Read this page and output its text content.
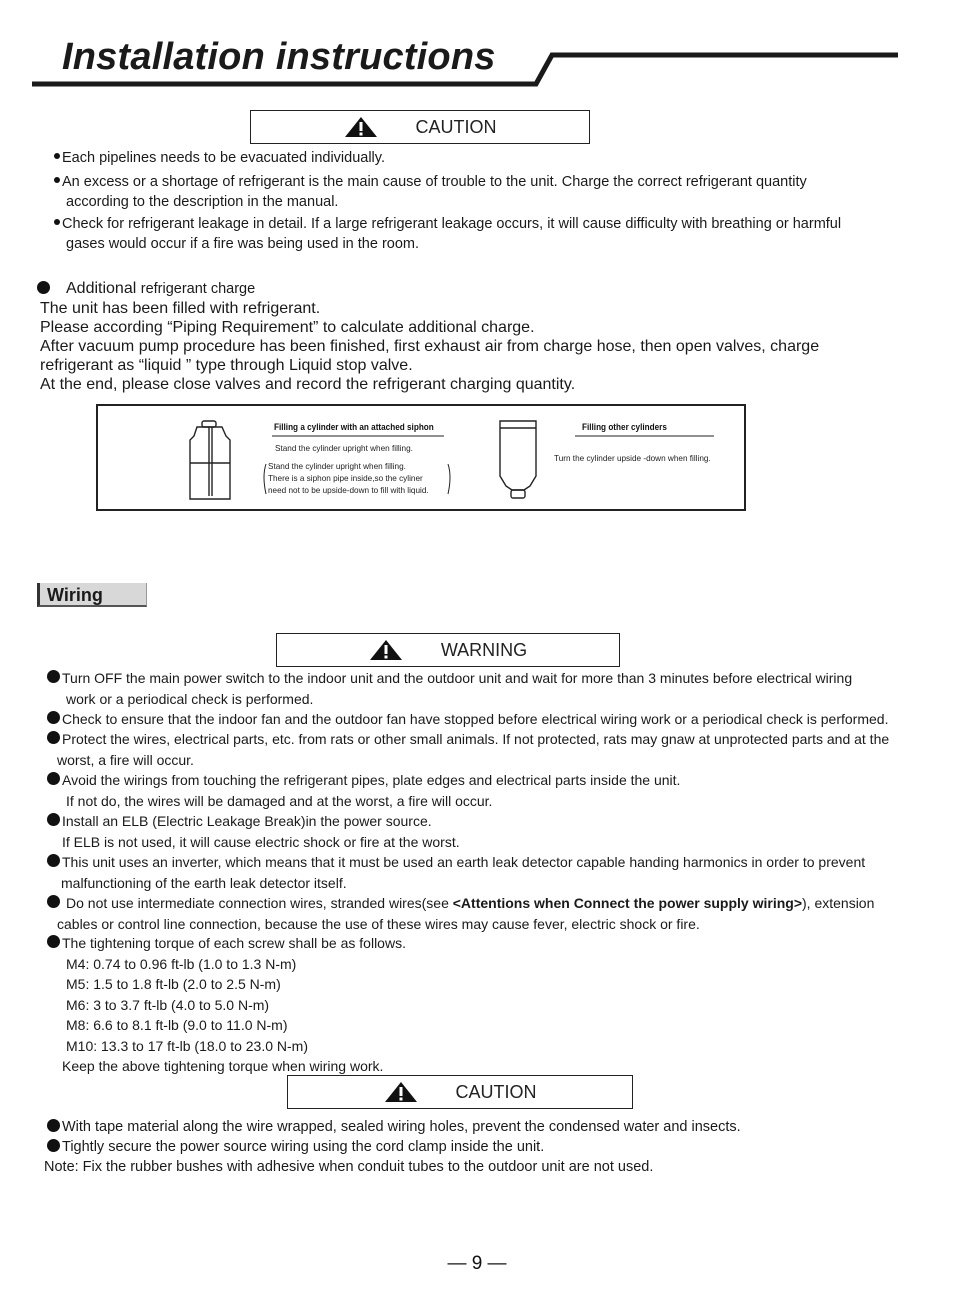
Installation instructions
CAUTION
Each pipelines needs to be evacuated individually.
An excess or a shortage of refrigerant is the main cause of trouble to the unit. Charge the correct refrigerant quantity
according to the description in the manual.
Check for refrigerant leakage in detail. If a large refrigerant leakage occurs, it will cause difficulty with breathing or harmful
gases would occur if a fire was being used in the room.
Additional refrigerant charge
The unit has been filled with refrigerant.
Please according “Piping Requirement” to calculate additional charge.
After vacuum pump procedure has been finished, first exhaust air from charge hose, then open valves, charge
refrigerant as “liquid ” type through Liquid stop valve.
At the end, please close valves and record the refrigerant charging quantity.
Filling a cylinder with an attached siphon
Stand the cylinder upright when filling.
Stand the cylinder upright when filling.
There is a siphon pipe inside,so the cyliner
need not to be upside-down to fill with liquid.
Filling other cylinders
Turn the cylinder upside -down when filling.
Wiring
WARNING
Turn OFF the main power switch to the indoor unit and the outdoor unit and wait for more than 3 minutes before electrical wiring
work or a periodical check is performed.
Check to ensure that the indoor fan and the outdoor fan have stopped before electrical wiring work or a periodical check is performed.
Protect the wires, electrical parts, etc. from rats or other small animals. If not protected, rats may gnaw at unprotected parts and at the
worst, a fire will occur.
Avoid the wirings from touching the refrigerant pipes, plate edges and electrical parts inside the unit.
If not do, the wires will be damaged and at the worst, a fire will occur.
Install an ELB (Electric Leakage Break)in the power source.
If ELB is not used, it will cause electric shock or fire at the worst.
This unit uses an inverter, which means that it must be used an earth leak detector capable handing harmonics in order to prevent
malfunctioning of the earth leak detector itself.
Do not use intermediate connection wires, stranded wires(see <Attentions when Connect the power supply wiring>), extension
cables or control line connection, because the use of these wires may cause fever, electric shock or fire.
The tightening torque of each screw shall be as follows.
M4: 0.74 to 0.96 ft-lb (1.0 to 1.3 N-m)
M5: 1.5 to 1.8 ft-lb (2.0 to 2.5 N-m)
M6: 3 to 3.7 ft-lb (4.0 to 5.0 N-m)
M8: 6.6 to 8.1 ft-lb (9.0 to 11.0 N-m)
M10: 13.3 to 17 ft-lb (18.0 to 23.0 N-m)
Keep the above tightening torque when wiring work.
CAUTION
With tape material along the wire wrapped, sealed wiring holes, prevent the condensed water and insects.
Tightly secure the power source wiring using the cord clamp inside the unit.
Note: Fix the rubber bushes with adhesive when conduit tubes to the outdoor unit are not used.
— 9 —
